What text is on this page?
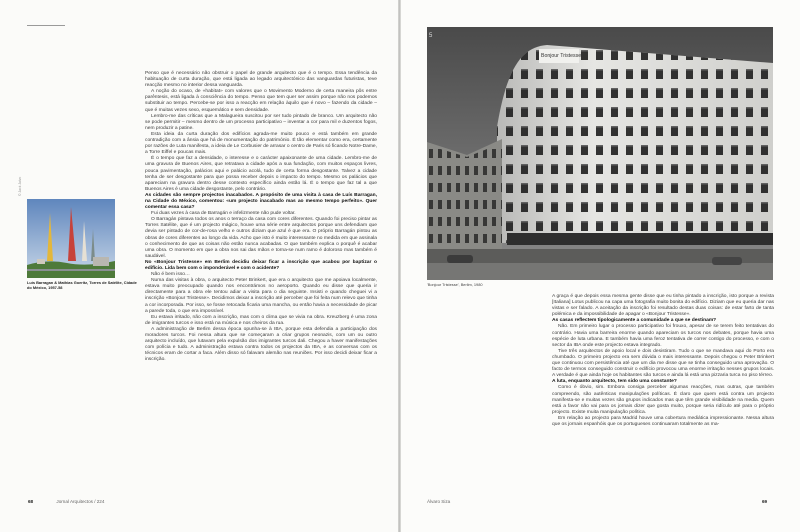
© Jack Jalvo
Luís Barragan & Mathias Goeritz, Torres de Satélite, Cidade do México, 1957-58

Penso que é necessário não obstruir o papel de grande arquitecto que é o tempo. Essa tendência da habituação de curta duração, que está ligada ao legado arquitectónico das vanguardas futuristas, teve reacção mesmo no interior dessa vanguarda.

A noção do ocaso, de «habitat» com valores que o Movimento Moderno de certa maneira pôs entre parêntesis, está ligada à consciência do tempo. Penso que tem quer ser assim porque não nos podemos substituir ao tempo. Percebe-se por isso a reacção em relação àquilo que é novo – fazendo da cidade – que é muitas vezes sexo, esquemático e sem densidade.

Lembro-me das críticas que a Malagueira suscitou por ser tudo pintado de branco. Um arquitecto não se pode permitir – mesmo dentro de um processo participativo – inventar a cor para mil e duzentos fogos, nem produzir a patine.

Esta ideia da curta duração dos edifícios agrada-me muito pouco e está também em grande contradição com a ânsia que há de monumentação do património. É tão elementar como era, certamente por razões de Luta manifesta, a ideia de Le Corbusier de arrasar o centro de Paris só ficando Notre-Dame, a Torre Eiffel e poucas mais.

É o tempo que faz a densidade, o interesse e o carácter apaixonante de uma cidade. Lembro-me de uma gravura de Buenos Aires, que retratava a cidade após a sua fundação, com muitos espaços livres, pouca pavimentação, palácios aqui e palácio acolá, tudo de certa forma desgostante. Talvez a cidade tenha de ser desgostante para que possa receber depois o impacto do tempo. Mesmo os palácios que apareciam na gravura dentro desse contexto específico ainda estão lá. É o tempo que faz tal a que Buenos Aires é uma cidade desgostante, pelo contrário.

As cidades são sempre projectos inacabados. A propósito de uma visita à casa de Luís Barragan, na Cidade do México, comentou: «um projecto inacabado mas ao mesmo tempo perfeito». Quer comentar essa casa?

Fui duas vezes à casa de Barragán e infelizmente não pude voltar.

O Barragán pintava todos os anos o terraço da casa com cores diferentes. Quando foi preciso pintar as Torres Satélite, que é um projecto mágico, houve uma série entre arquitectos porque uns defendiam que devia ser pintado de cor-de-rosa velho e outros diziam que azul é que era. O próprio Barragán pintou as obras de cores diferentes ao longo da vida. Acho que isto é muito interessante no medida em que assinala o conhecimento de que as coisas não estão nunca acabadas. O que também explica o porquê é acabar uma obra. O momento em que a obra nos sai das mãos e torna-se num ramo é doloroso mas também é saudável.

No «Bonjour Tristesse» em Berlim decidiu deixar ficar a inscrição que acabou por baptizar o edifício. Lida bem com o imponderável e com o acidente?

Não é bem isso…

Numa das visitas à obra, o arquitecto Peter Brinkert, que era o arquitecto que me apoiava localmente, estava muito preocupado quando nos encontrámos no aeroporto. Quando eu disse que queria ir directamente para a obra ele tentou adiar a visita para o dia seguinte. Insisti e quando cheguei vi a inscrição «Bonjour Tristesse». Decidimos deixar a inscrição até perceber que foi feita num relevo que tinha a cor incorporada. Por isso, se fosse retocada ficaria uma mancha, ou então havia a necessidade de picar a parede toda, o que era impossível.

Eu estava irritado, não com a inscrição, mas com o clima que se vivia na obra. Kreuzberg é uma zona de imigrantes turcos e isso está na música e nos cheiros da rua.

A administração de Berlim dessa época opunha-se à IBA, porque esta defendia a participação dos moradores turcos. Foi nessa altura que se começaram a criar grupos neonazis, com um ou outro arquitecto incluído, que lutavam pela expulsão dos imigrantes turcos dali. Chegou a haver manifestações com polícia e tudo. A administração estava contra todos os projectos da IBA, e as conversas com os técnicos eram de cortar a faca. Além disso só falavam alemão nas reuniões. Por isso decidi deixar ficar a inscrição.

68	Jornal Arquitectos / 224
Bonjour Tristesse
5
'Bonjour Tristesse', Berlim, 1980

A graça é que depois essa mesma gente disse que eu tinha pintado a inscrição, isto porque a revista [Italiana] Lotus publicou na capa uma fotografia muito bonita do edifício. Diziam que eu queria dar nas vistas e ser falado. A aceitação da inscrição foi resultado destas duas coisas: de estar farto de tanta polémica e da impossibilidade de apagar o «Bonjour Tristesse».

As casas reflectem tipologicamente a comunidade a que se destinam?

Não. Em primeiro lugar o processo participativo foi frouxo, apesar de se terem feito tentativas do contrário. Havia uma barreira enorme quando apareciam os turcos nos debates, porque havia uma espécie de luta urbana. E também havia uma feroz tentativa de correr contigo do processo, e com o sector da IBA onde este projecto estava integrado.

Tive três arquitectos de apoio local e dois desistiram. Tudo o que se mandava aqui do Porto era chumbado. O primeiro projecto era sem dúvida o mais interessante. Depois chegou o Peter Brinkert que continuou com persistência até que um dia me disse que se tinha conseguido uma aprovação. O facto de termos conseguido construir o edifício provocou uma enorme irritação nesses grupos locais. A verdade é que ainda hoje os habitantes são turcos e ainda lá está uma pizzaria turca no piso térreo.

A luta, enquanto arquitecto, tem sido uma constante?

Como é óbvio, sim. Embora consiga perceber algumas reacções, mas outras, que também compreendo, são autênticas manipulações políticas. É claro que quem está contra um projecto manifesta-se e muitas vezes são grupos indicados mas que têm grande visibilidade na media. Quem está a favor não vai para os jornais dizer que gosta muito, porque seria ridículo até para o próprio projecto. Existe muita manipulação política.

Em relação ao projecto para Madrid houve uma cobertura mediática impressionante. Nessa altura que os jornais espanhóis que os portugueses continuaram totalmente as ma-

Álvaro Siza	69
